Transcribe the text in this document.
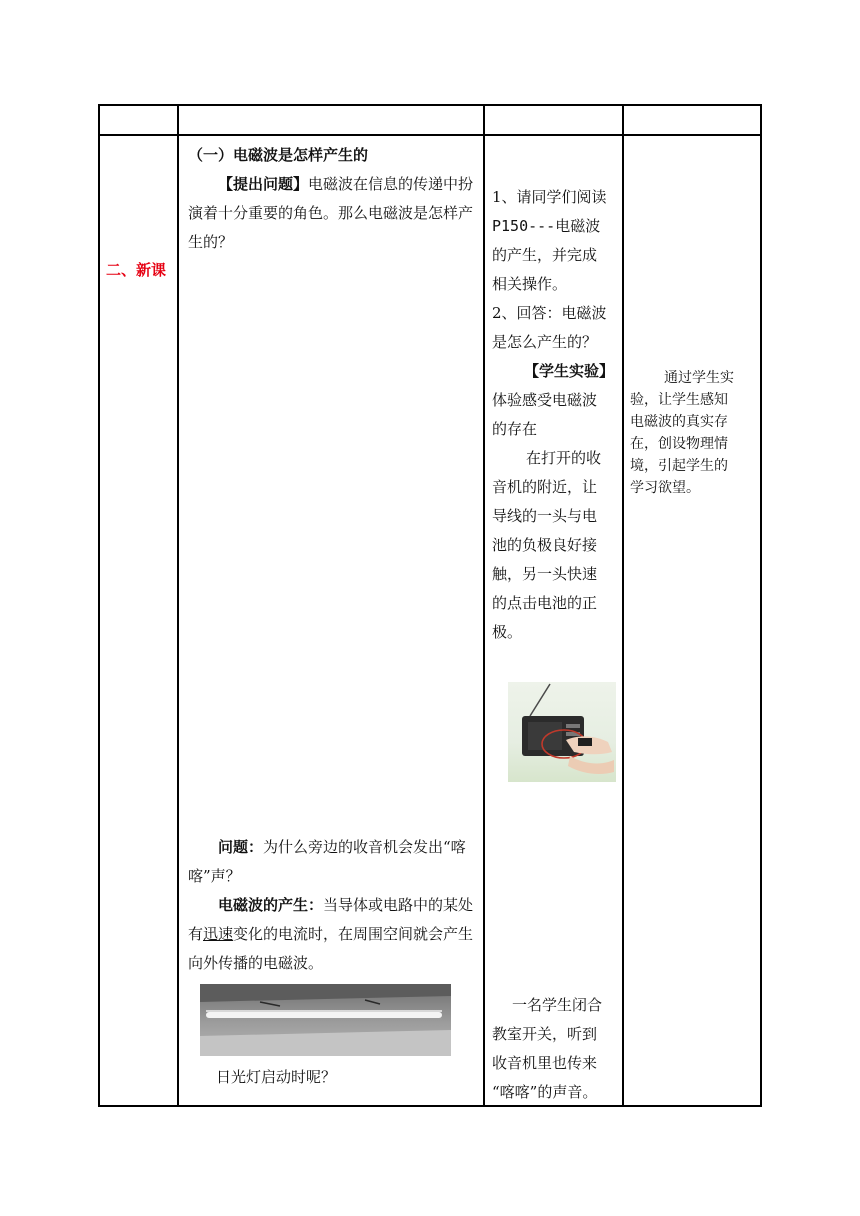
二、新课
（一）电磁波是怎样产生的
【提出问题】电磁波在信息的传递中扮演着十分重要的角色。那么电磁波是怎样产生的？
问题：为什么旁边的收音机会发出“喀喀”声？
电磁波的产生：当导体或电路中的某处有迅速变化的电流时，在周围空间就会产生向外传播的电磁波。
日光灯启动时呢？
1、请同学们阅读
P150---电磁波
的产生，并完成
相关操作。
2、回答：电磁波
是怎么产生的？
【学生实验】
体验感受电磁波
的存在
在打开的收
音机的附近，让
导线的一头与电
池的负极良好接
触，另一头快速
的点击电池的正
极。
一名学生闭合
教室开关，听到
收音机里也传来
“喀喀”的声音。
通过学生实
验，让学生感知
电磁波的真实存
在，创设物理情
境，引起学生的
学习欲望。
